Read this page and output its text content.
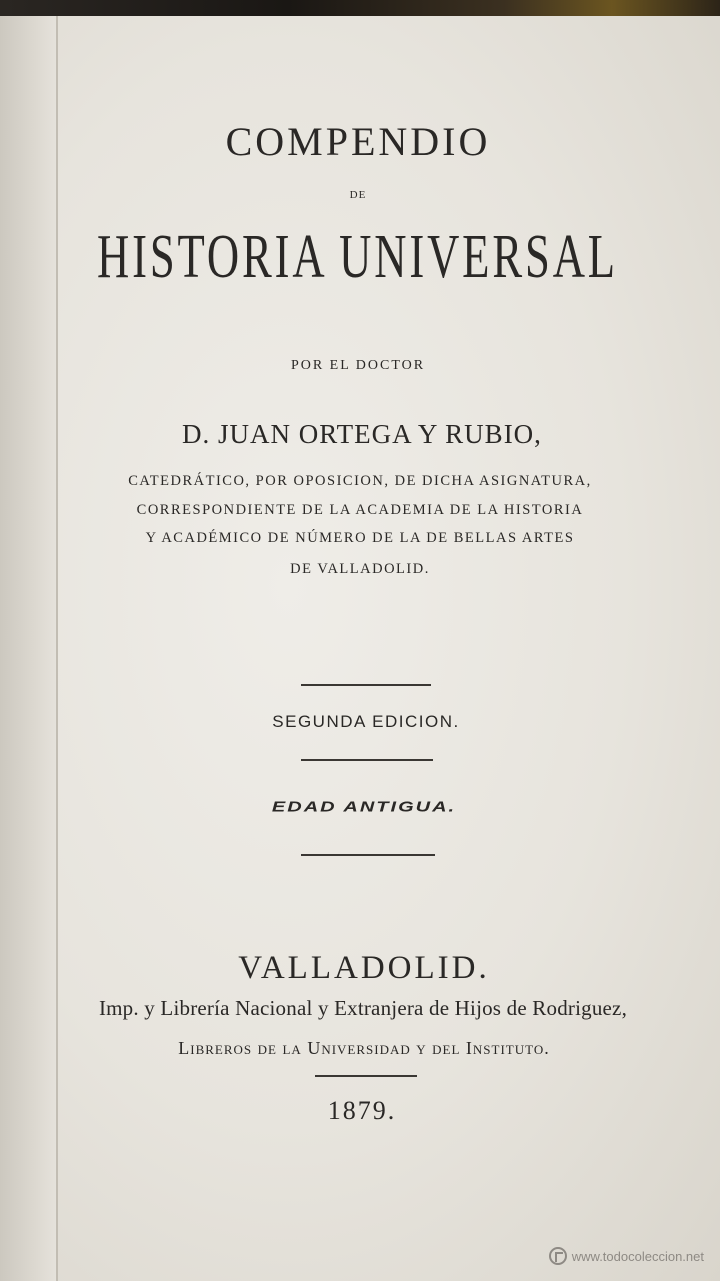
COMPENDIO
DE
HISTORIA UNIVERSAL
POR EL DOCTOR
D. JUAN ORTEGA Y RUBIO,
CATEDRÁTICO, POR OPOSICION, DE DICHA ASIGNATURA,
CORRESPONDIENTE DE LA ACADEMIA DE LA HISTORIA
Y ACADÉMICO DE NÚMERO DE LA DE BELLAS ARTES
DE VALLADOLID.
SEGUNDA EDICION.
EDAD ANTIGUA.
VALLADOLID.
Imp. y Librería Nacional y Extranjera de Hijos de Rodriguez,
Libreros de la Universidad y del Instituto.
1879.
www.todocoleccion.net
